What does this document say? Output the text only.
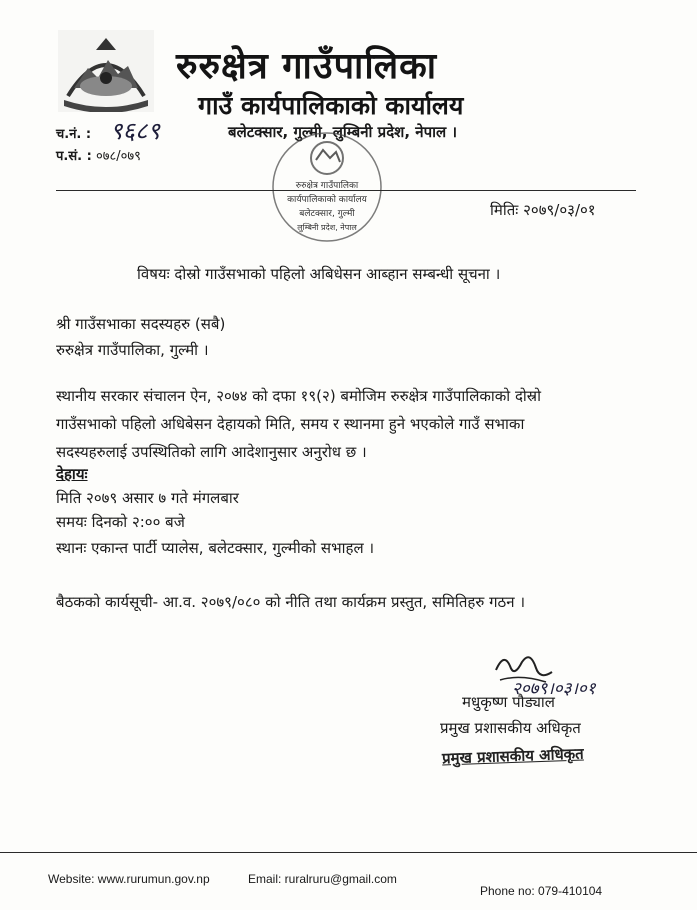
रुरुक्षेत्र गाउँपालिका
गाउँ कार्यपालिकाको कार्यालय
बलेटक्सार, गुल्मी, लुम्बिनी प्रदेश, नेपाल ।
च.नं. : ९६८९
प.सं. : ०७८/०७९
रुरुक्षेत्र गाउँपालिका
कार्यपालिकाको कार्यालय
बलेटक्सार, गुल्मी
लुम्बिनी प्रदेश, नेपाल
मितिः २०७९/०३/०१
विषयः दोस्रो गाउँसभाको पहिलो अबिधेसन आब्हान सम्बन्धी सूचना ।
श्री गाउँसभाका सदस्यहरु (सबै)
रुरुक्षेत्र गाउँपालिका, गुल्मी ।
स्थानीय सरकार संचालन ऐन, २०७४ को दफा १९(२) बमोजिम रुरुक्षेत्र गाउँपालिकाको दोस्रो
गाउँसभाको पहिलो अधिबेसन देहायको मिति, समय र स्थानमा हुने भएकोले गाउँ सभाका
सदस्यहरुलाई उपस्थितिको लागि आदेशानुसार अनुरोध छ ।
देहायः
मिति २०७९ असार ७ गते मंगलबार
समयः दिनको २:०० बजे
स्थानः एकान्त पार्टी प्यालेस, बलेटक्सार, गुल्मीको सभाहल ।
बैठकको कार्यसूची- आ.व. २०७९/०८० को नीति तथा कार्यक्रम प्रस्तुत, समितिहरु गठन ।
२०७९।०३।०१
मधुकृष्ण पौड्याल
प्रमुख प्रशासकीय अधिकृत
प्रमुख प्रशासकीय अधिकृत
Website: www.rurumun.gov.np	Email: ruralruru@gmail.com
Phone no: 079-410104
